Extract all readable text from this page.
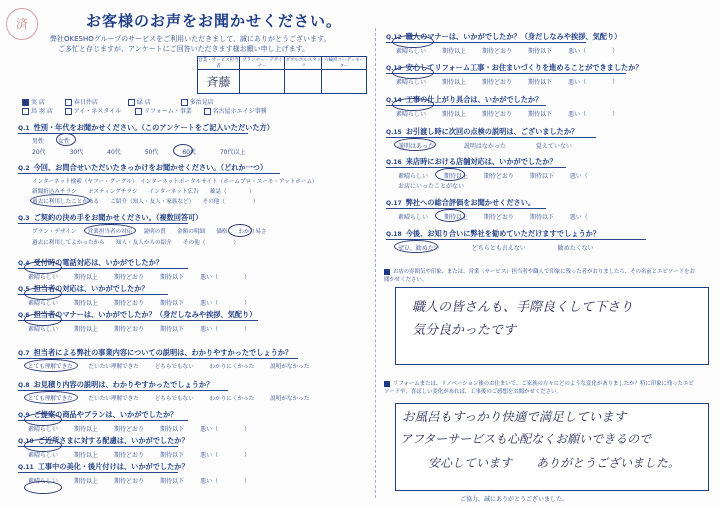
済	お客様のお声をお聞かせください。
弊社OKESHOグループのサービスをご利用いただきまして、誠にありがとうございます。
ご多忙と存じますが、アンケートにご回答いただきます様お願い申し上げます。
営業・サービス担当者	プランナー・デザイナー	ダブルホルスタッフ	六輪担コーディネーター
斉藤			
実 店	春日井店	緑 店	多治見店
鳥 羽 店	アイ・ネスタイル	リフォーム・事業	名古屋ホエイジ事務
Q.1 性別・年代をお聞かせください。（このアンケートをご記入いただいた方）
男性 女性
20代	30代	40代	50代	60代	70代以上
Q.2 今回、お問合せいただいたきっかけをお聞かせください。（どれか一つ）
インターネット検索（ヤフー・グーグル）　インターネットポータルサイト（ホームプロ・スーモ・アットホーム）
新聞折込みチラシ　　ポスティングチラシ　　インターネット広告　　雑誌（　　　　）
過去に利用したことがある　　ご紹介（知人・友人・家族など）　　その他（　　　　　）
Q.3 ご契約の決め手をお聞かせください。（複数回答可）
プラン・デザイン　　営業担当者の対応　　説明の質　　金額の明細　　価格　　わかり易さ
過去に利用してよかったから　　知人・友人からの紹介　　その他（　　　　　）
Q.4 受付時の電話対応は、いかがでしたか？
素晴らしい	期待以上	期待どおり	期待以下	悪い（	）
Q.5 担当者の対応は、いかがでしたか？
素晴らしい	期待以上	期待どおり	期待以下	悪い（	）
Q.6 担当者のマナーは、いかがでしたか？（身だしなみや挨拶、気配り）
素晴らしい	期待以上	期待どおり	期待以下	悪い（	）
Q.9 ご提案の商品やプランは、いかがでしたか？
素晴らしい	期待以上	期待どおり	期待以下	悪い（	）
Q.10 ご近所さまに対する配慮は、いかがでしたか？
素晴らしい	期待以上	期待どおり	期待以下	悪い（	）
Q.11 工事中の美化・後片付けは、いかがでしたか？
素晴らしい	期待以上	期待どおり	期待以下	悪い（	）
Q.7 担当者による弊社の事業内容についての説明は、わかりやすかったでしょうか？
とても理解できた	だいたい理解できた	どちらでもない	わかりにくかった	説明がなかった
Q.8 お見積り内容の説明は、わかりやすかったでしょうか？
とても理解できた	だいたい理解できた	どちらでもない	わかりにくかった	説明がなかった
Q.12 職人のマナーは、いかがでしたか？（身だしなみや挨拶、気配り）
素晴らしい	期待以上	期待どおり	期待以下	悪い（	）
Q.13 安心してリフォーム工事・お住まいづくりを進めることができましたか？
素晴らしい	期待以上	期待どおり	期待以下	悪い（	）
Q.14 工事の仕上がり具合は、いかがでしたか？
素晴らしい	期待以上	期待どおり	期待以下	悪い（	）
Q.15 お引渡し時に次回の点検の説明は、ございましたか？
説明はあった	説明はなかった	覚えていない
Q.16 来店時における店舗対応は、いかがでしたか？
素晴らしい	期待以上	期待どおり	期待以下	悪い（
お店にいったことがない
Q.17 弊社への総合評価をお聞かせください。
素晴らしい	期待以上	期待どおり	期待以下	悪い（
Q.18 今後、お知り合いに弊社を勧めていただけますでしょうか？
ぜひ、勧めたい	どちらとも言えない	勧めたくない
お店の雰囲気や印象、または、営業（サービス）担当者や職人で印象に残った者がおりましたら、その名前とエピソードをお聞かせください。
職人の皆さんも、手際良くして下さり
気分良かったです
リフォームまたは、リノベーション後のお住まいで、ご家族の方々にどのような変化がありましたか？特に印象に残ったエピソードや、喜ばしい変化があれば、工事後のご感想をお聞かせください。
お風呂もすっかり快適で満足しています
アフターサービスも心配なくお願いできるので
安心しています　　ありがとうございました。
ご協力、誠にありがとうございました。
